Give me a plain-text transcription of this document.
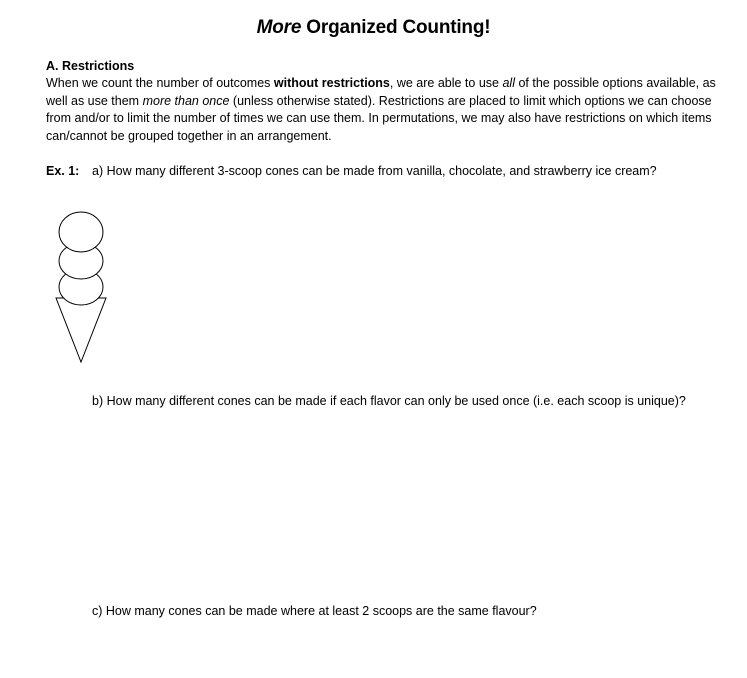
More Organized Counting!
A. Restrictions
When we count the number of outcomes without restrictions, we are able to use all of the possible options available, as well as use them more than once (unless otherwise stated). Restrictions are placed to limit which options we can choose from and/or to limit the number of times we can use them. In permutations, we may also have restrictions on which items can/cannot be grouped together in an arrangement.
Ex. 1: a) How many different 3-scoop cones can be made from vanilla, chocolate, and strawberry ice cream?
b) How many different cones can be made if each flavor can only be used once (i.e. each scoop is unique)?
c) How many cones can be made where at least 2 scoops are the same flavour?
